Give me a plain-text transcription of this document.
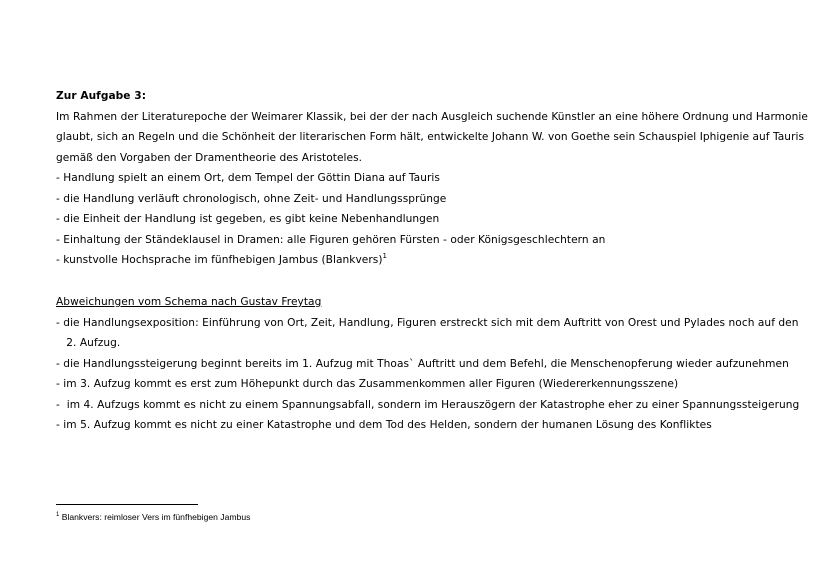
Zur Aufgabe 3:
Im Rahmen der Literaturepoche der Weimarer Klassik, bei der der nach Ausgleich suchende Künstler an eine höhere Ordnung und Harmonie
glaubt, sich an Regeln und die Schönheit der literarischen Form hält, entwickelte Johann W. von Goethe sein Schauspiel Iphigenie auf Tauris
gemäß den Vorgaben der Dramentheorie des Aristoteles.
- Handlung spielt an einem Ort, dem Tempel der Göttin Diana auf Tauris
- die Handlung verläuft chronologisch, ohne Zeit- und Handlungssprünge
- die Einheit der Handlung ist gegeben, es gibt keine Nebenhandlungen
- Einhaltung der Ständeklausel in Dramen: alle Figuren gehören Fürsten - oder Königsgeschlechtern an
- kunstvolle Hochsprache im fünfhebigen Jambus (Blankvers)$^1$
Abweichungen vom Schema nach Gustav Freytag
- die Handlungsexposition: Einführung von Ort, Zeit, Handlung, Figuren erstreckt sich mit dem Auftritt von Orest und Pylades noch auf den
2. Aufzug.
- die Handlungssteigerung beginnt bereits im 1. Aufzug mit Thoas` Auftritt und dem Befehl, die Menschenopferung wieder aufzunehmen
- im 3. Aufzug kommt es erst zum Höhepunkt durch das Zusammenkommen aller Figuren (Wiedererkennungsszene)
-  im 4. Aufzugs kommt es nicht zu einem Spannungsabfall, sondern im Herauszögern der Katastrophe eher zu einer Spannungssteigerung
- im 5. Aufzug kommt es nicht zu einer Katastrophe und dem Tod des Helden, sondern der humanen Lösung des Konfliktes
$^1$ Blankvers: reimloser Vers im fünfhebigen Jambus
